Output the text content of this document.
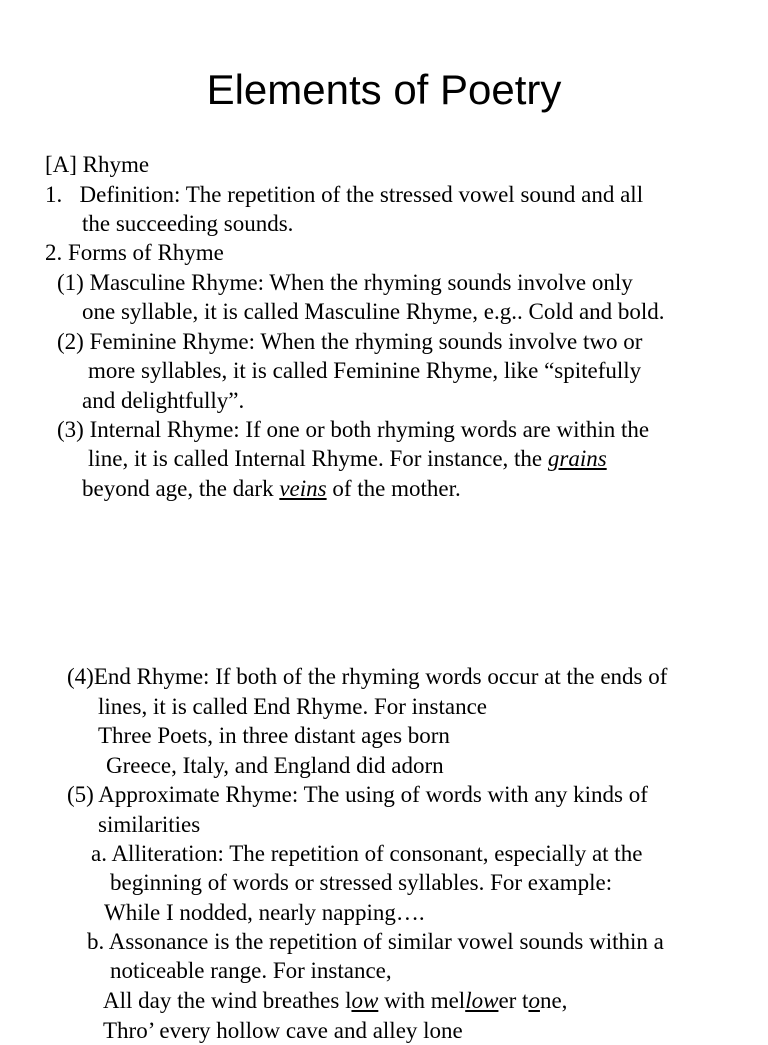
Elements of Poetry

[A] Rhyme

1.   Definition: The repetition of the stressed vowel sound and all

the succeeding sounds.

2. Forms of Rhyme

(1) Masculine Rhyme: When the rhyming sounds involve only

one syllable, it is called Masculine Rhyme, e.g.. Cold and bold.

(2) Feminine Rhyme: When the rhyming sounds involve two or

more syllables, it is called Feminine Rhyme, like “spitefully

and delightfully”.

(3) Internal Rhyme: If one or both rhyming words are within the

line, it is called Internal Rhyme. For instance, the grains

beyond age, the dark veins of the mother.

(4)End Rhyme: If both of the rhyming words occur at the ends of

lines, it is called End Rhyme. For instance

Three Poets, in three distant ages born

Greece, Italy, and England did adorn

(5) Approximate Rhyme: The using of words with any kinds of

similarities

a. Alliteration: The repetition of consonant, especially at the

beginning of words or stressed syllables. For example:

While I nodded, nearly napping….

b. Assonance is the repetition of similar vowel sounds within a

noticeable range. For instance,

All day the wind breathes low with mellower tone,

Thro’ every hollow cave and alley lone
